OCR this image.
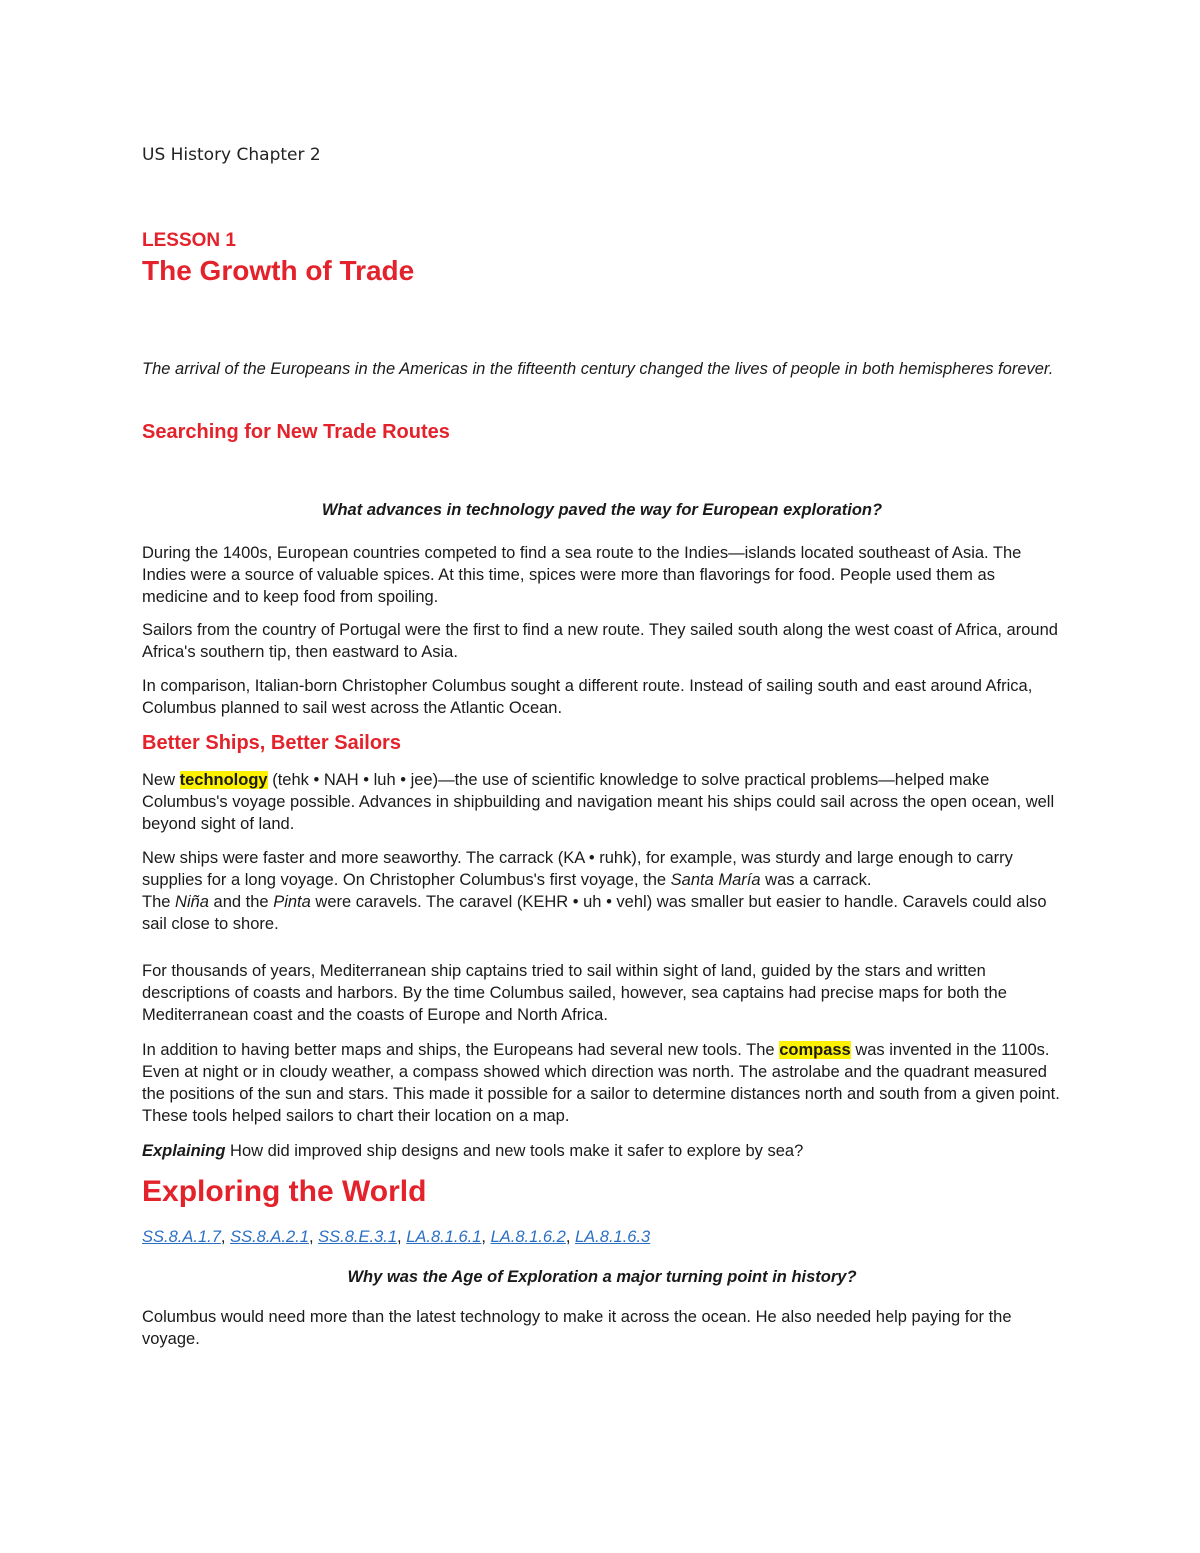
US History Chapter 2
LESSON 1
The Growth of Trade

The arrival of the Europeans in the Americas in the fifteenth century changed the lives of people in both hemispheres forever.

Searching for New Trade Routes

What advances in technology paved the way for European exploration?

During the 1400s, European countries competed to find a sea route to the Indies—islands located southeast of Asia. The Indies were a source of valuable spices. At this time, spices were more than flavorings for food. People used them as medicine and to keep food from spoiling.

Sailors from the country of Portugal were the first to find a new route. They sailed south along the west coast of Africa, around Africa's southern tip, then eastward to Asia.

In comparison, Italian-born Christopher Columbus sought a different route. Instead of sailing south and east around Africa, Columbus planned to sail west across the Atlantic Ocean.

Better Ships, Better Sailors

New technology (tehk • NAH • luh • jee)—the use of scientific knowledge to solve practical problems—helped make Columbus's voyage possible. Advances in shipbuilding and navigation meant his ships could sail across the open ocean, well beyond sight of land.

New ships were faster and more seaworthy. The carrack (KA • ruhk), for example, was sturdy and large enough to carry supplies for a long voyage. On Christopher Columbus's first voyage, the Santa María was a carrack.
The Niña and the Pinta were caravels. The caravel (KEHR • uh • vehl) was smaller but easier to handle. Caravels could also sail close to shore.

For thousands of years, Mediterranean ship captains tried to sail within sight of land, guided by the stars and written descriptions of coasts and harbors. By the time Columbus sailed, however, sea captains had precise maps for both the Mediterranean coast and the coasts of Europe and North Africa.

In addition to having better maps and ships, the Europeans had several new tools. The compass was invented in the 1100s. Even at night or in cloudy weather, a compass showed which direction was north. The astrolabe and the quadrant measured the positions of the sun and stars. This made it possible for a sailor to determine distances north and south from a given point. These tools helped sailors to chart their location on a map.

Explaining How did improved ship designs and new tools make it safer to explore by sea?

Exploring the World

SS.8.A.1.7, SS.8.A.2.1, SS.8.E.3.1, LA.8.1.6.1, LA.8.1.6.2, LA.8.1.6.3

Why was the Age of Exploration a major turning point in history?

Columbus would need more than the latest technology to make it across the ocean. He also needed help paying for the voyage.
